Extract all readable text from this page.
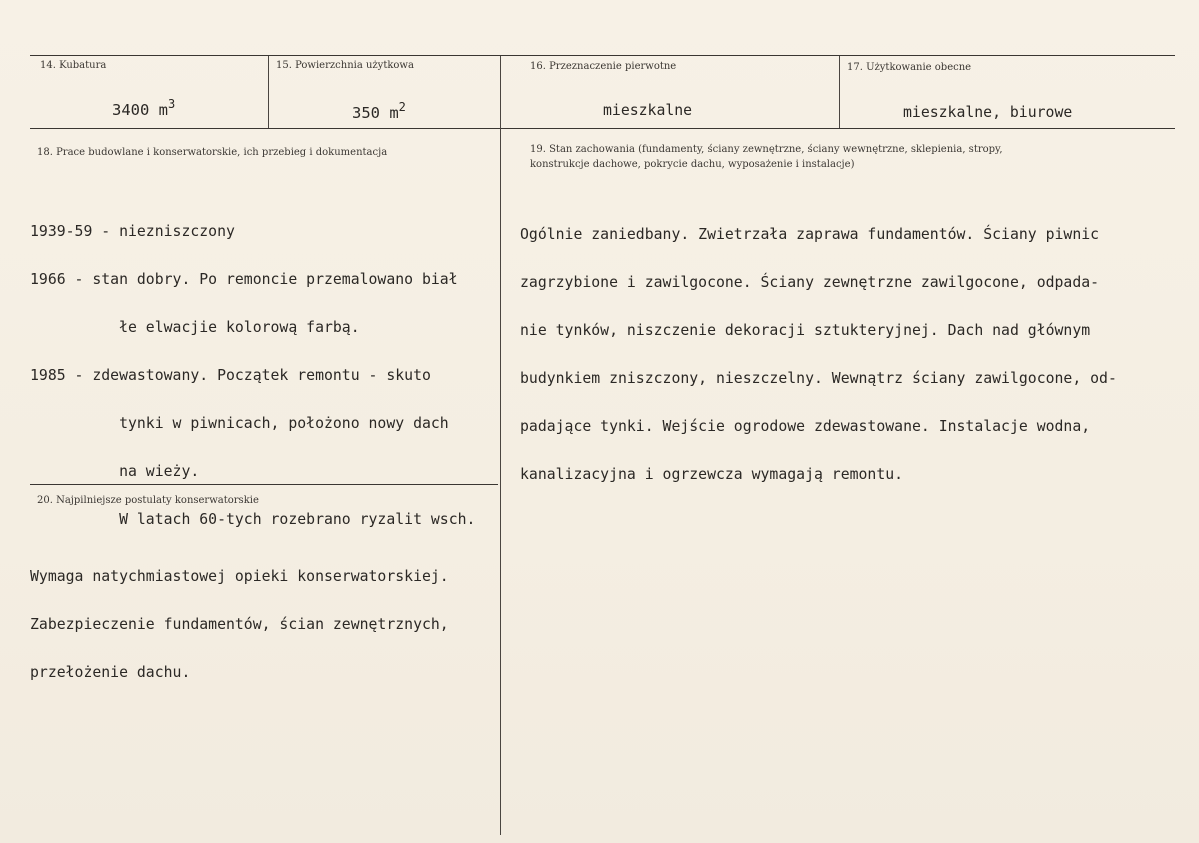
14. Kubatura
3400 $m^3$
15. Powierzchnia użytkowa
350 $m^2$
16. Przeznaczenie pierwotne
mieszkalne
17. Użytkowanie obecne
mieszkalne, biurowe
18. Prace budowlane i konserwatorskie, ich przebieg i dokumentacja

1939-59 - niezniszczony

1966 - stan dobry. Po remoncie przemalowano biał

łe elwacjie kolorową farbą.

1985 - zdewastowany. Początek remontu - skuto

tynki w piwnicach, położono nowy dach

na wieży.

W latach 60-tych rozebrano ryzalit wsch.

19. Stan zachowania (fundamenty, ściany zewnętrzne, ściany wewnętrzne, sklepienia, stropy,
konstrukcje dachowe, pokrycie dachu, wyposażenie i instalacje)

Ogólnie zaniedbany. Zwietrzała zaprawa fundamentów. Ściany piwnic

zagrzybione i zawilgocone. Ściany zewnętrzne zawilgocone, odpada-

nie tynków, niszczenie dekoracji sztukteryjnej. Dach nad głównym

budynkiem zniszczony, nieszczelny. Wewnątrz ściany zawilgocone, od-

padające tynki. Wejście ogrodowe zdewastowane. Instalacje wodna,

kanalizacyjna i ogrzewcza wymagają remontu.

20. Najpilniejsze postulaty konserwatorskie

Wymaga natychmiastowej opieki konserwatorskiej.

Zabezpieczenie fundamentów, ścian zewnętrznych,

przełożenie dachu.
